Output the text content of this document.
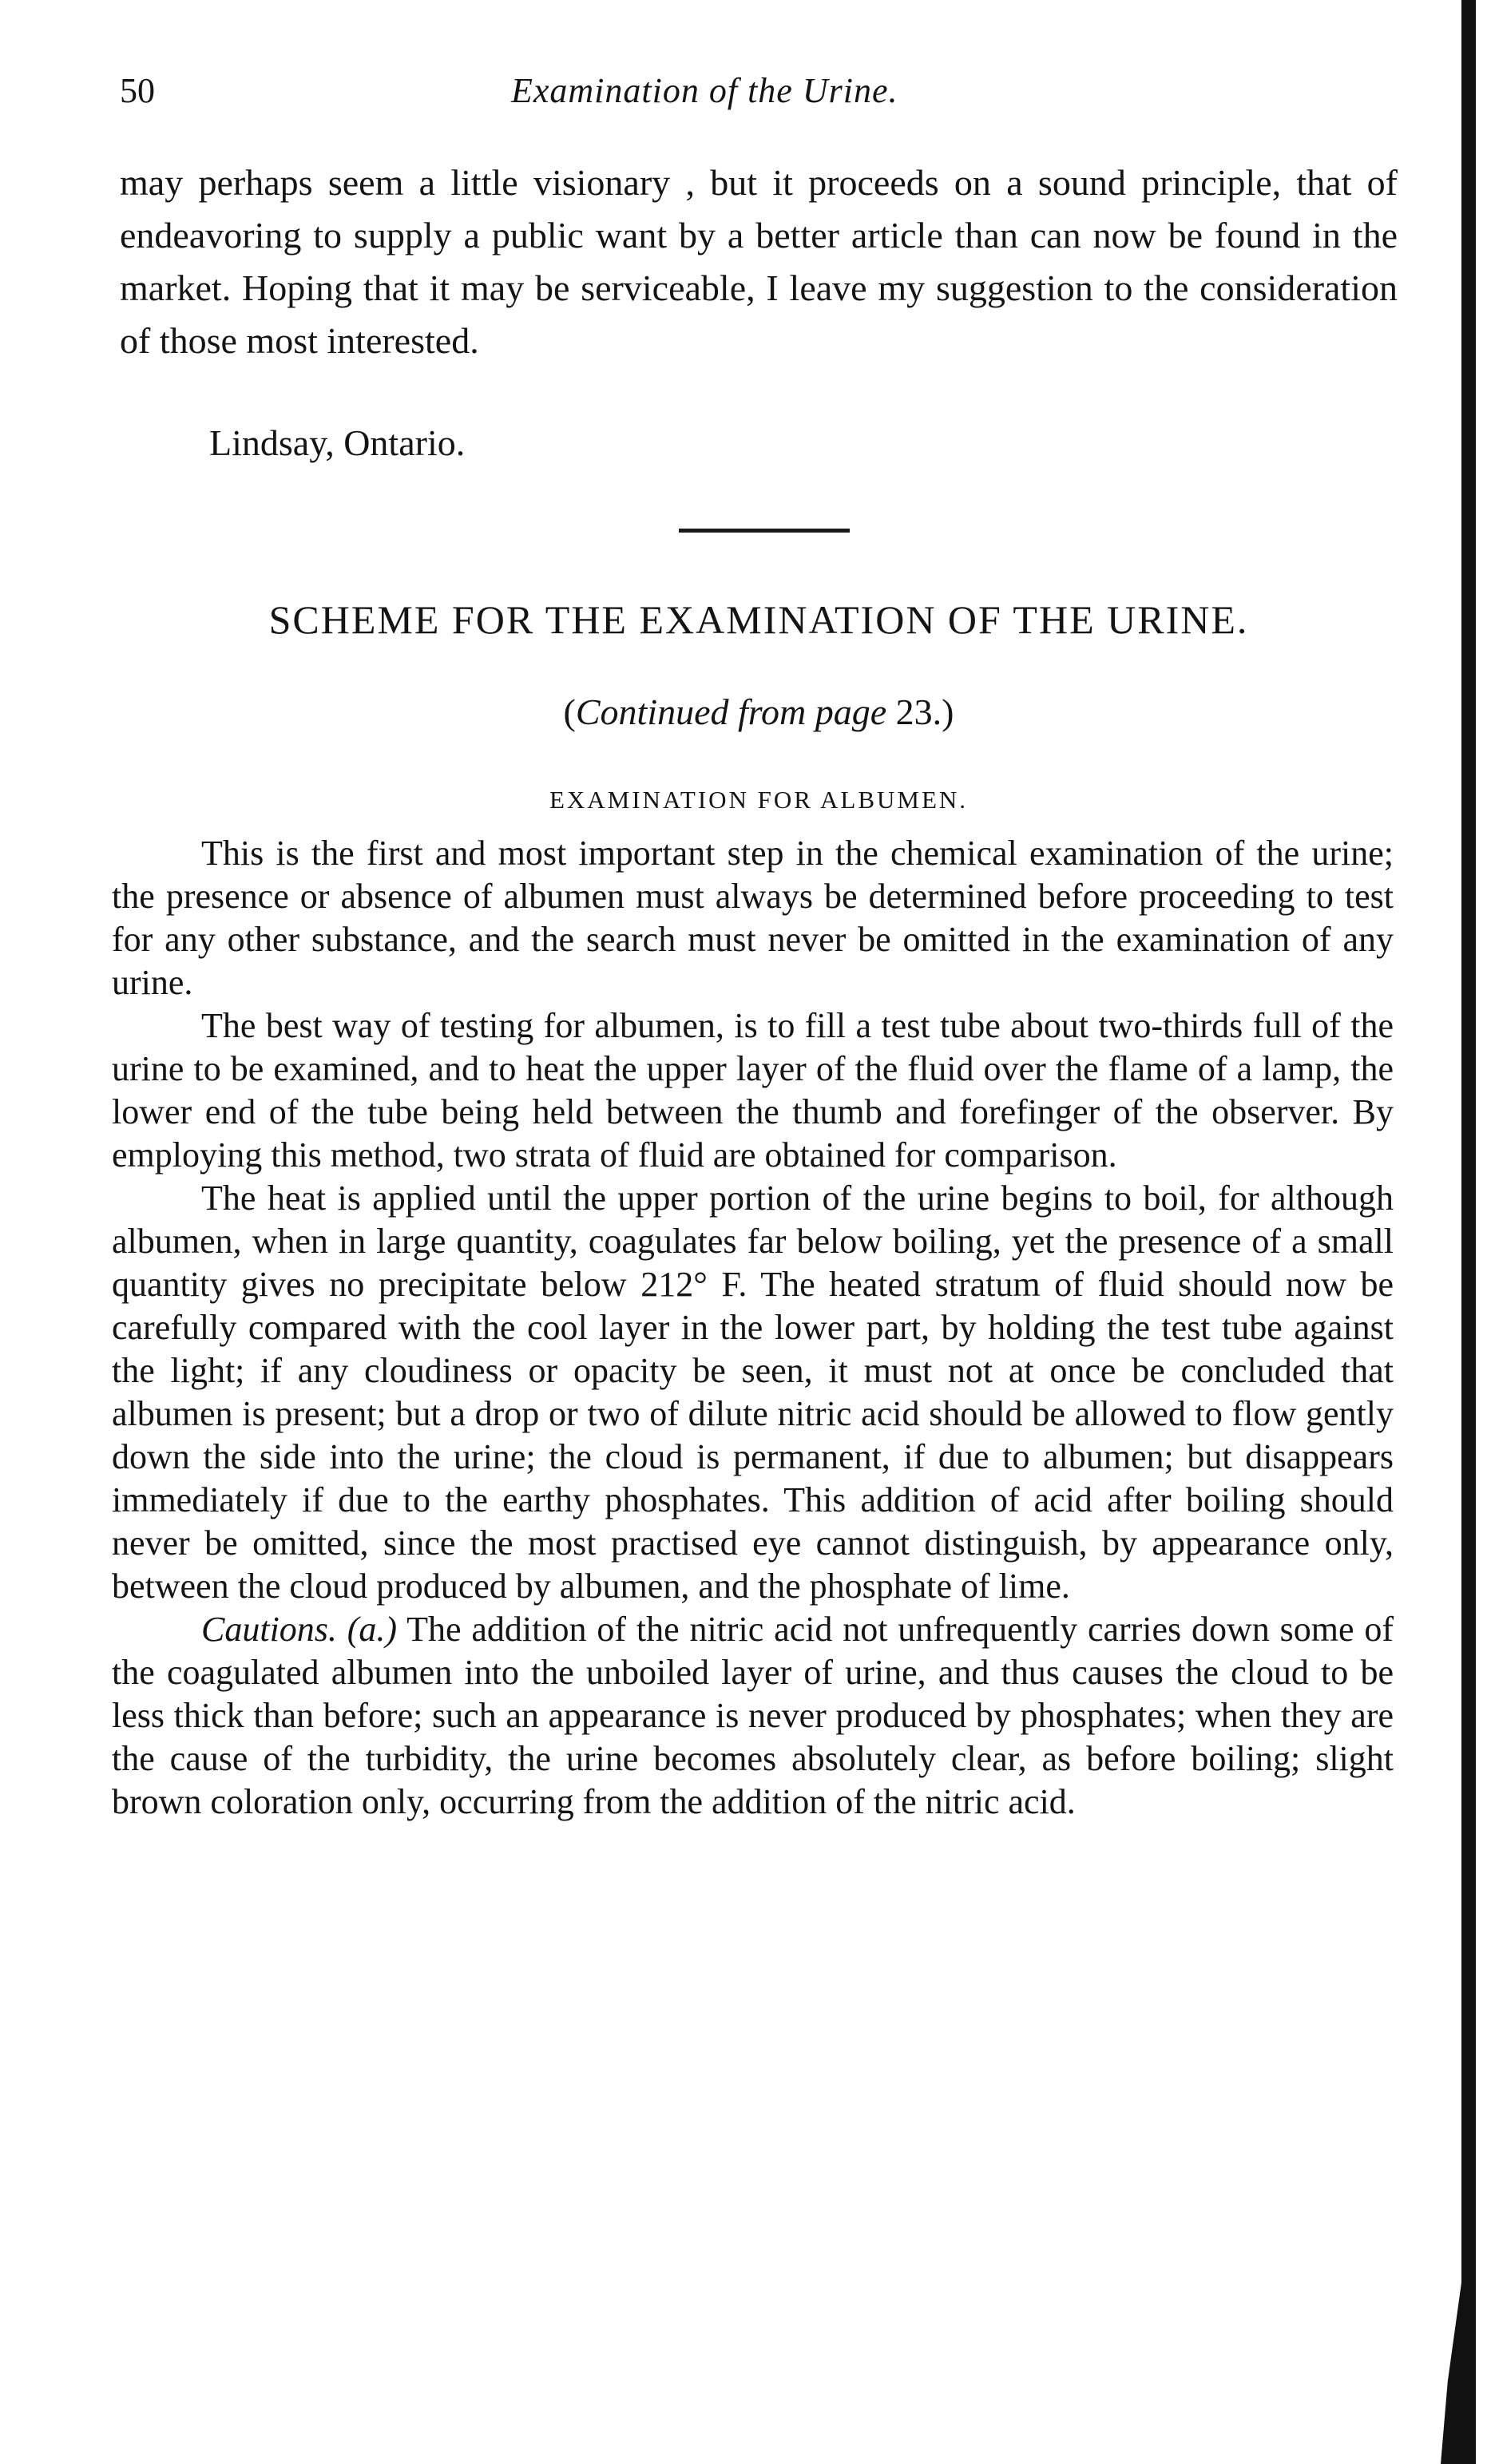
50	Examination of the Urine.

may perhaps seem a little visionary , but it proceeds on a sound principle, that of endeavoring to supply a public want by a better article than can now be found in the market. Hoping that it may be serviceable, I leave my suggestion to the consideration of those most interested.

Lindsay, Ontario.

SCHEME FOR THE EXAMINATION OF THE URINE.

(Continued from page 23.)

EXAMINATION FOR ALBUMEN.

This is the first and most important step in the chemical examination of the urine; the presence or absence of albumen must always be determined before proceeding to test for any other substance, and the search must never be omitted in the examination of any urine.

The best way of testing for albumen, is to fill a test tube about two-thirds full of the urine to be examined, and to heat the upper layer of the fluid over the flame of a lamp, the lower end of the tube being held between the thumb and forefinger of the observer. By employing this method, two strata of fluid are obtained for comparison.

The heat is applied until the upper portion of the urine begins to boil, for although albumen, when in large quantity, coagulates far below boiling, yet the presence of a small quantity gives no precipitate below 212° F. The heated stratum of fluid should now be carefully compared with the cool layer in the lower part, by holding the test tube against the light; if any cloudiness or opacity be seen, it must not at once be concluded that albumen is present; but a drop or two of dilute nitric acid should be allowed to flow gently down the side into the urine; the cloud is permanent, if due to albumen; but disappears immediately if due to the earthy phosphates. This addition of acid after boiling should never be omitted, since the most practised eye cannot distinguish, by appearance only, between the cloud produced by albumen, and the phosphate of lime.

Cautions. (a.) The addition of the nitric acid not unfrequently carries down some of the coagulated albumen into the unboiled layer of urine, and thus causes the cloud to be less thick than before; such an appearance is never produced by phosphates; when they are the cause of the turbidity, the urine becomes absolutely clear, as before boiling; slight brown coloration only, occurring from the addition of the nitric acid.
